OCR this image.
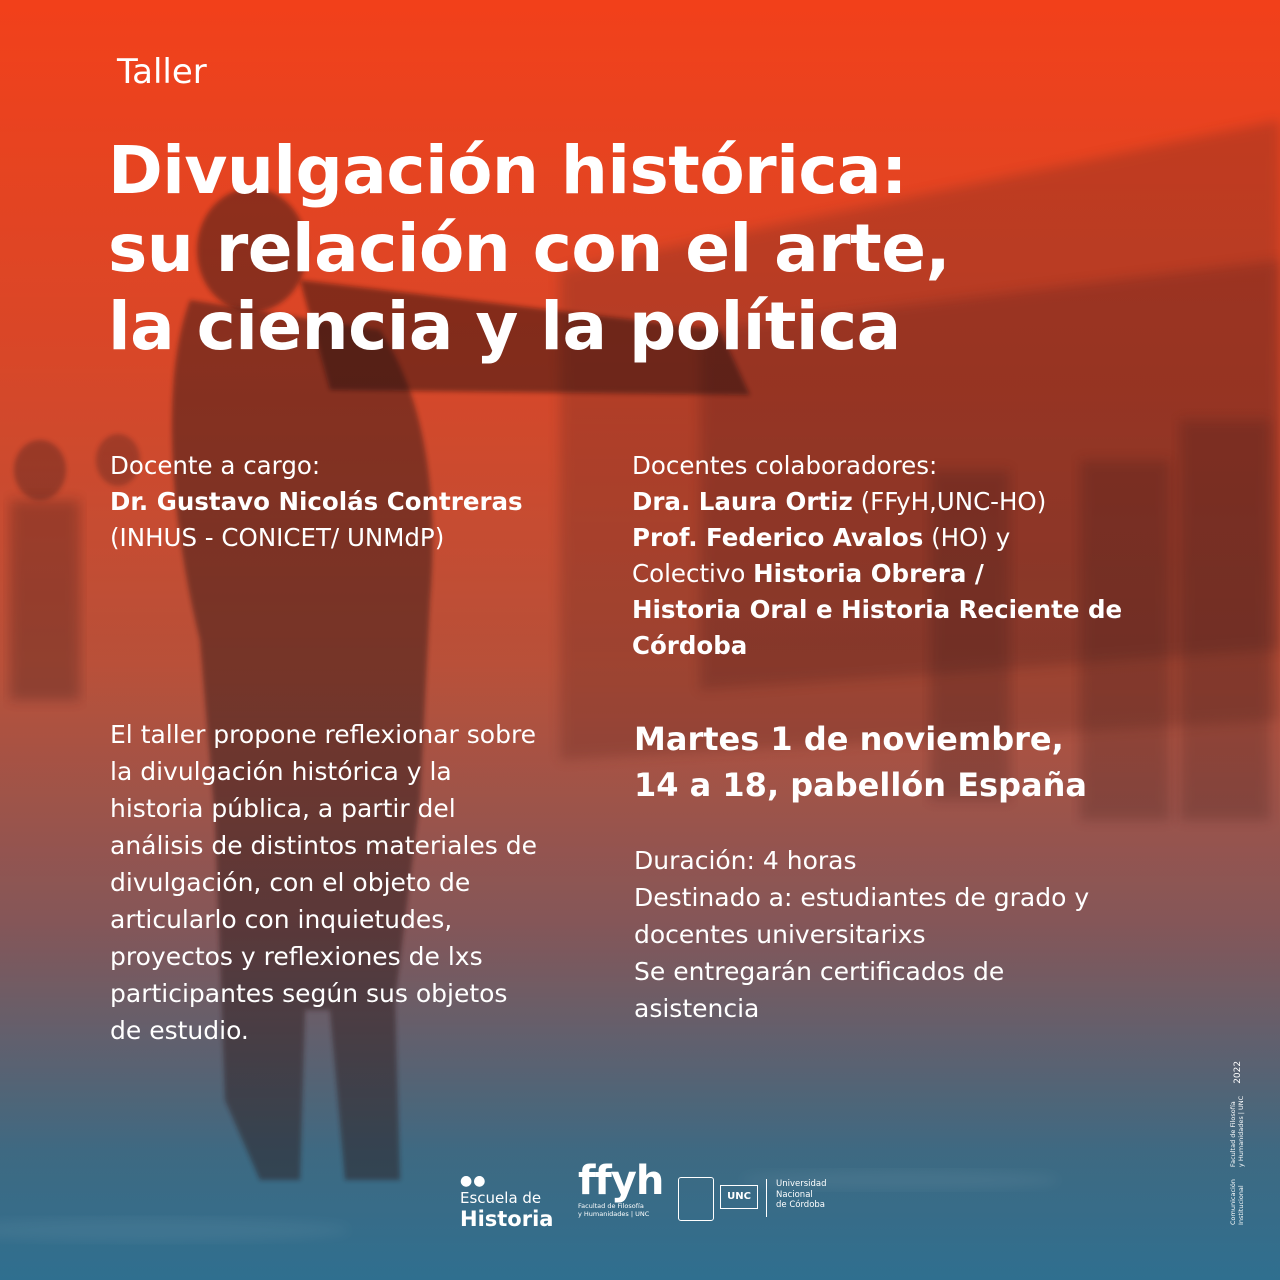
Taller
Divulgación histórica:
su relación con el arte,
la ciencia y la política
Docente a cargo:
Dr. Gustavo Nicolás Contreras
(INHUS - CONICET/ UNMdP)
Docentes colaboradores:
Dra. Laura Ortiz (FFyH,UNC-HO)
Prof. Federico Avalos (HO) y
Colectivo Historia Obrera /
Historia Oral e Historia Reciente de
Córdoba
El taller propone reflexionar sobre
la divulgación histórica y la
historia pública, a partir del
análisis de distintos materiales de
divulgación, con el objeto de
articularlo con inquietudes,
proyectos y reflexiones de lxs
participantes según sus objetos
de estudio.
Martes 1 de noviembre,
14 a 18, pabellón España
Duración: 4 horas
Destinado a: estudiantes de grado y
docentes universitarixs
Se entregarán certificados de
asistencia
●●
Escuela de
Historia
ffyh
Facultad de Filosofía
y Humanidades | UNC
UNC
Universidad
Nacional
de Córdoba	Comunicación
InstitucionalFacultad de Filosofía
y Humanidades | UNC2022
